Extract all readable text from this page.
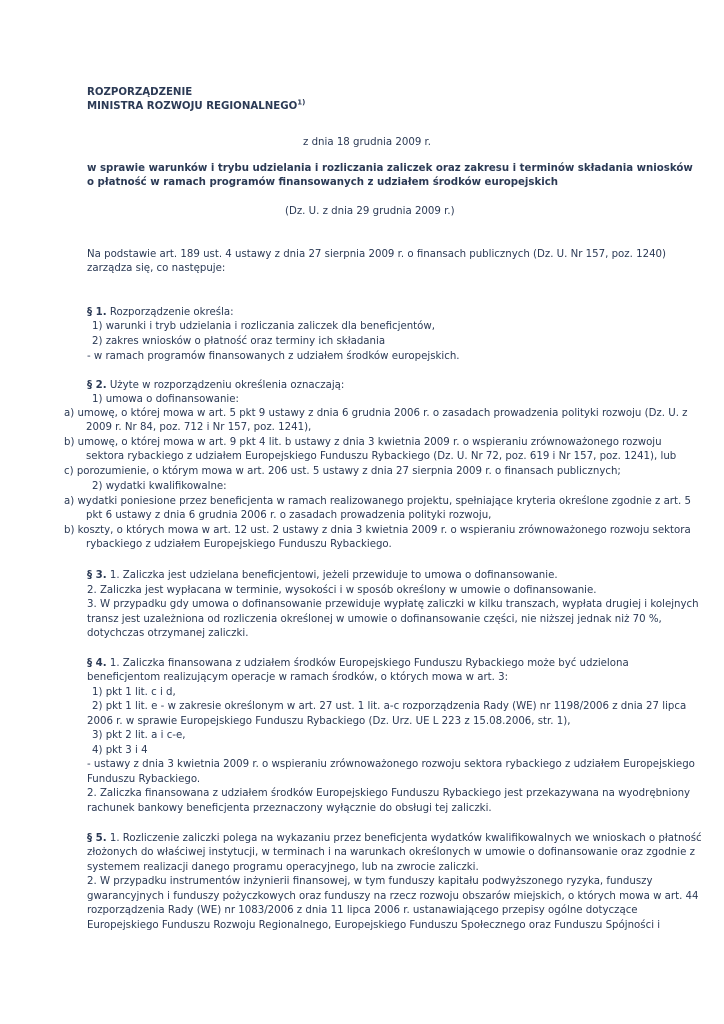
ROZPORZĄDZENIE
MINISTRA ROZWOJU REGIONALNEGO$^{1)}$
z dnia 18 grudnia 2009 r.
w sprawie warunków i trybu udzielania i rozliczania zaliczek oraz zakresu i terminów składania wniosków
o płatność w ramach programów finansowanych z udziałem środków europejskich
(Dz. U. z dnia 29 grudnia 2009 r.)
Na podstawie art. 189 ust. 4 ustawy z dnia 27 sierpnia 2009 r. o finansach publicznych (Dz. U. Nr 157, poz. 1240)
zarządza się, co następuje:
§ 1. Rozporządzenie określa:
1) warunki i tryb udzielania i rozliczania zaliczek dla beneficjentów,
2) zakres wniosków o płatność oraz terminy ich składania
- w ramach programów finansowanych z udziałem środków europejskich.
§ 2. Użyte w rozporządzeniu określenia oznaczają:
1) umowa o dofinansowanie:
a) umowę, o której mowa w art. 5 pkt 9 ustawy z dnia 6 grudnia 2006 r. o zasadach prowadzenia polityki rozwoju (Dz. U. z
2009 r. Nr 84, poz. 712 i Nr 157, poz. 1241),
b) umowę, o której mowa w art. 9 pkt 4 lit. b ustawy z dnia 3 kwietnia 2009 r. o wspieraniu zrównoważonego rozwoju
sektora rybackiego z udziałem Europejskiego Funduszu Rybackiego (Dz. U. Nr 72, poz. 619 i Nr 157, poz. 1241), lub
c) porozumienie, o którym mowa w art. 206 ust. 5 ustawy z dnia 27 sierpnia 2009 r. o finansach publicznych;
2) wydatki kwalifikowalne:
a) wydatki poniesione przez beneficjenta w ramach realizowanego projektu, spełniające kryteria określone zgodnie z art. 5
pkt 6 ustawy z dnia 6 grudnia 2006 r. o zasadach prowadzenia polityki rozwoju,
b) koszty, o których mowa w art. 12 ust. 2 ustawy z dnia 3 kwietnia 2009 r. o wspieraniu zrównoważonego rozwoju sektora
rybackiego z udziałem Europejskiego Funduszu Rybackiego.
§ 3. 1. Zaliczka jest udzielana beneficjentowi, jeżeli przewiduje to umowa o dofinansowanie.
2. Zaliczka jest wypłacana w terminie, wysokości i w sposób określony w umowie o dofinansowanie.
3. W przypadku gdy umowa o dofinansowanie przewiduje wypłatę zaliczki w kilku transzach, wypłata drugiej i kolejnych
transz jest uzależniona od rozliczenia określonej w umowie o dofinansowanie części, nie niższej jednak niż 70 %,
dotychczas otrzymanej zaliczki.
§ 4. 1. Zaliczka finansowana z udziałem środków Europejskiego Funduszu Rybackiego może być udzielona
beneficjentom realizującym operacje w ramach środków, o których mowa w art. 3:
1) pkt 1 lit. c i d,
2) pkt 1 lit. e - w zakresie określonym w art. 27 ust. 1 lit. a-c rozporządzenia Rady (WE) nr 1198/2006 z dnia 27 lipca
2006 r. w sprawie Europejskiego Funduszu Rybackiego (Dz. Urz. UE L 223 z 15.08.2006, str. 1),
3) pkt 2 lit. a i c-e,
4) pkt 3 i 4
- ustawy z dnia 3 kwietnia 2009 r. o wspieraniu zrównoważonego rozwoju sektora rybackiego z udziałem Europejskiego
Funduszu Rybackiego.
2. Zaliczka finansowana z udziałem środków Europejskiego Funduszu Rybackiego jest przekazywana na wyodrębniony
rachunek bankowy beneficjenta przeznaczony wyłącznie do obsługi tej zaliczki.
§ 5. 1. Rozliczenie zaliczki polega na wykazaniu przez beneficjenta wydatków kwalifikowalnych we wnioskach o płatność
złożonych do właściwej instytucji, w terminach i na warunkach określonych w umowie o dofinansowanie oraz zgodnie z
systemem realizacji danego programu operacyjnego, lub na zwrocie zaliczki.
2. W przypadku instrumentów inżynierii finansowej, w tym funduszy kapitału podwyższonego ryzyka, funduszy
gwarancyjnych i funduszy pożyczkowych oraz funduszy na rzecz rozwoju obszarów miejskich, o których mowa w art. 44
rozporządzenia Rady (WE) nr 1083/2006 z dnia 11 lipca 2006 r. ustanawiającego przepisy ogólne dotyczące
Europejskiego Funduszu Rozwoju Regionalnego, Europejskiego Funduszu Społecznego oraz Funduszu Spójności i
